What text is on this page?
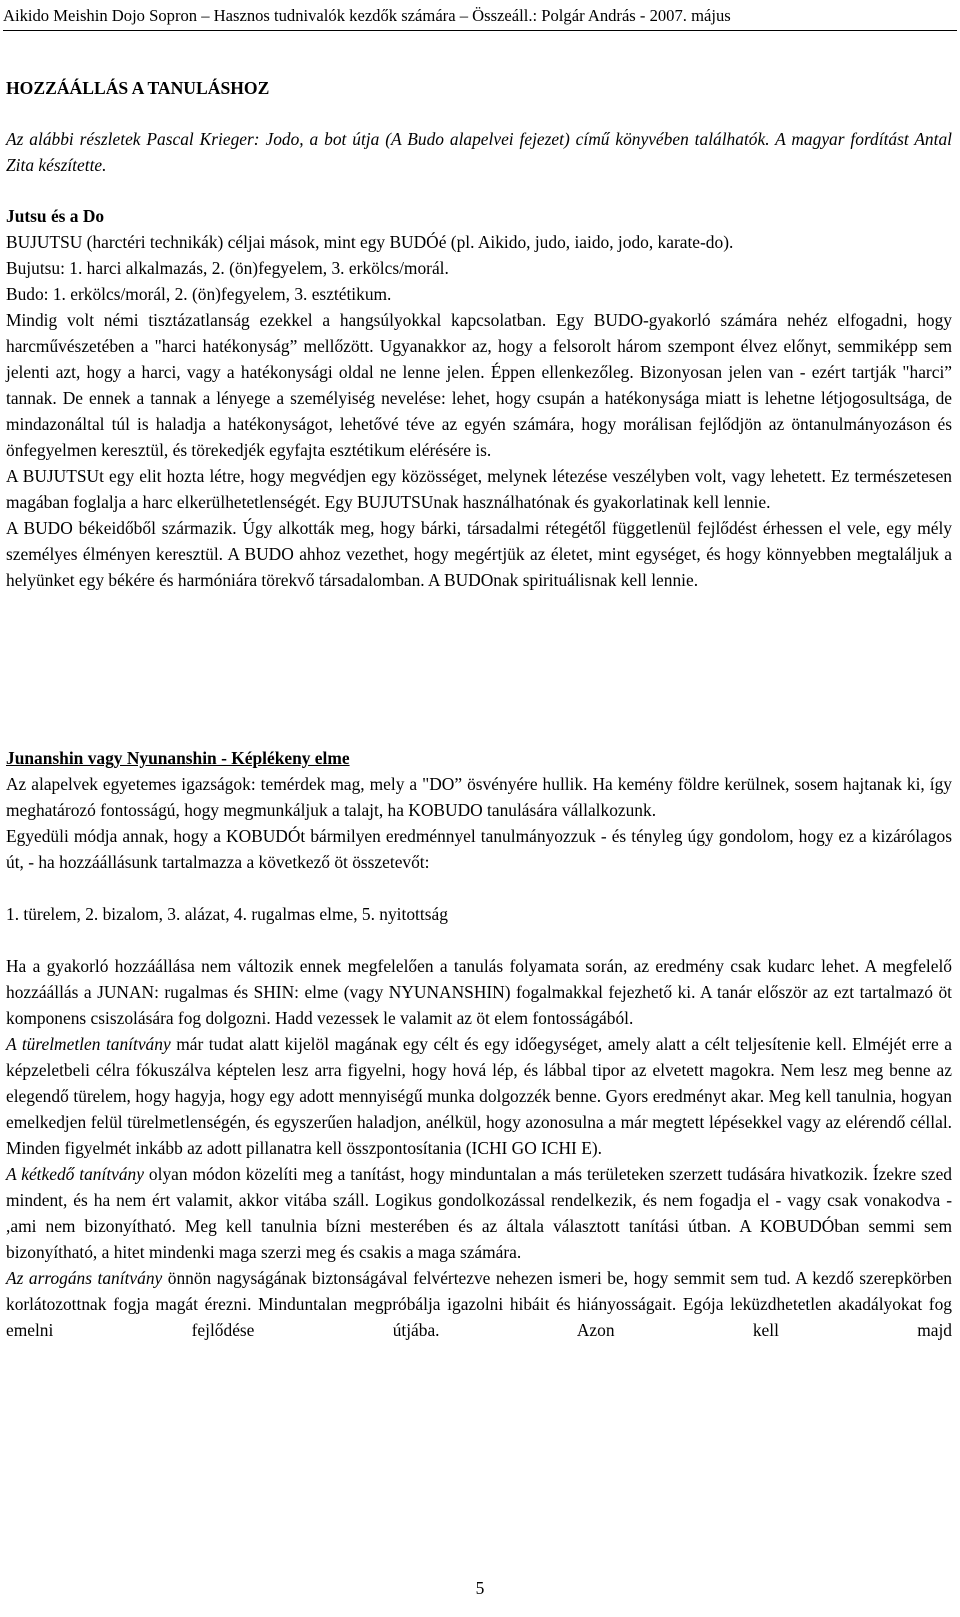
Aikido Meishin Dojo Sopron – Hasznos tudnivalók kezdők számára – Összeáll.: Polgár András - 2007. május
HOZZÁÁLLÁS A TANULÁSHOZ

Az alábbi részletek Pascal Krieger: Jodo, a bot útja (A Budo alapelvei fejezet) című könyvében találhatók. A magyar fordítást Antal Zita készítette.

Jutsu és a Do

BUJUTSU (harctéri technikák) céljai mások, mint egy BUDÓé (pl. Aikido, judo, iaido, jodo, karate-do).

Bujutsu: 1. harci alkalmazás, 2. (ön)fegyelem, 3. erkölcs/morál.

Budo: 1. erkölcs/morál, 2. (ön)fegyelem, 3. esztétikum.

Mindig volt némi tisztázatlanság ezekkel a hangsúlyokkal kapcsolatban. Egy BUDO-gyakorló számára nehéz elfogadni, hogy harcművészetében a "harci hatékonyság” mellőzött. Ugyanakkor az, hogy a felsorolt három szempont élvez előnyt, semmiképp sem jelenti azt, hogy a harci, vagy a hatékonysági oldal ne lenne jelen. Éppen ellenkezőleg. Bizonyosan jelen van - ezért tartják "harci” tannak. De ennek a tannak a lényege a személyiség nevelése: lehet, hogy csupán a hatékonysága miatt is lehetne létjogosultsága, de mindazonáltal túl is haladja a hatékonyságot, lehetővé téve az egyén számára, hogy morálisan fejlődjön az öntanulmányozáson és önfegyelmen keresztül, és törekedjék egyfajta esztétikum elérésére is.

A BUJUTSUt egy elit hozta létre, hogy megvédjen egy közösséget, melynek létezése veszélyben volt, vagy lehetett. Ez természetesen magában foglalja a harc elkerülhetetlenségét. Egy BUJUTSUnak használhatónak és gyakorlatinak kell lennie.

A BUDO békeidőből származik. Úgy alkották meg, hogy bárki, társadalmi rétegétől függetlenül fejlődést érhessen el vele, egy mély személyes élményen keresztül. A BUDO ahhoz vezethet, hogy megértjük az életet, mint egységet, és hogy könnyebben megtaláljuk a helyünket egy békére és harmóniára törekvő társadalomban. A BUDOnak spirituálisnak kell lennie.

Junanshin vagy Nyunanshin - Képlékeny elme

Az alapelvek egyetemes igazságok: temérdek mag, mely a "DO” ösvényére hullik. Ha kemény földre kerülnek, sosem hajtanak ki, így meghatározó fontosságú, hogy megmunkáljuk a talajt, ha KOBUDO tanulására vállalkozunk.

Egyedüli módja annak, hogy a KOBUDÓt bármilyen eredménnyel tanulmányozzuk - és tényleg úgy gondolom, hogy ez a kizárólagos út, - ha hozzáállásunk tartalmazza a következő öt összetevőt:

1. türelem, 2. bizalom, 3. alázat, 4. rugalmas elme, 5. nyitottság

Ha a gyakorló hozzáállása nem változik ennek megfelelően a tanulás folyamata során, az eredmény csak kudarc lehet. A megfelelő hozzáállás a JUNAN: rugalmas és SHIN: elme (vagy NYUNANSHIN) fogalmakkal fejezhető ki. A tanár először az ezt tartalmazó öt komponens csiszolására fog dolgozni. Hadd vezessek le valamit az öt elem fontosságából.

A türelmetlen tanítvány már tudat alatt kijelöl magának egy célt és egy időegységet, amely alatt a célt teljesítenie kell. Elméjét erre a képzeletbeli célra fókuszálva képtelen lesz arra figyelni, hogy hová lép, és lábbal tipor az elvetett magokra. Nem lesz meg benne az elegendő türelem, hogy hagyja, hogy egy adott mennyiségű munka dolgozzék benne. Gyors eredményt akar. Meg kell tanulnia, hogyan emelkedjen felül türelmetlenségén, és egyszerűen haladjon, anélkül, hogy azonosulna a már megtett lépésekkel vagy az elérendő céllal. Minden figyelmét inkább az adott pillanatra kell összpontosítania (ICHI GO ICHI E).

A kétkedő tanítvány olyan módon közelíti meg a tanítást, hogy minduntalan a más területeken szerzett tudására hivatkozik. Ízekre szed mindent, és ha nem ért valamit, akkor vitába száll. Logikus gondolkozással rendelkezik, és nem fogadja el - vagy csak vonakodva - ,ami nem bizonyítható. Meg kell tanulnia bízni mesterében és az általa választott tanítási útban. A KOBUDÓban semmi sem bizonyítható, a hitet mindenki maga szerzi meg és csakis a maga számára.

Az arrogáns tanítvány önnön nagyságának biztonságával felvértezve nehezen ismeri be, hogy semmit sem tud. A kezdő szerepkörben korlátozottnak fogja magát érezni. Minduntalan megpróbálja igazolni hibáit és hiányosságait. Egója leküzdhetetlen akadályokat fog emelni fejlődése útjába. Azon kell majd

5
